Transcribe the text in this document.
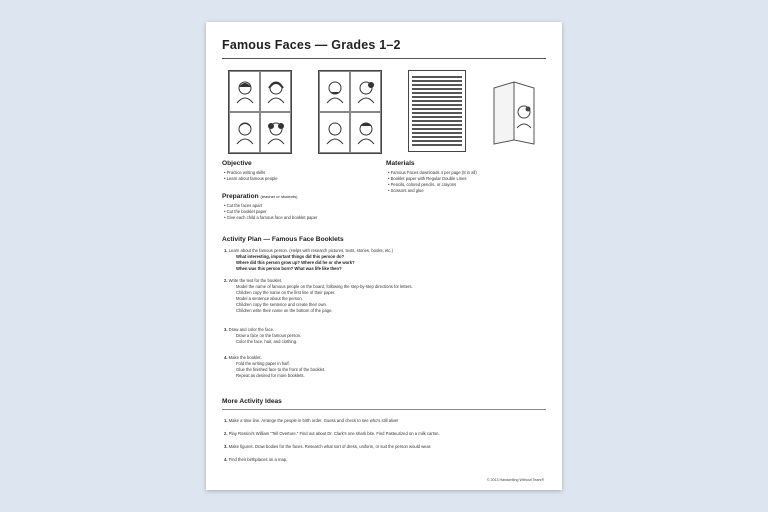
Famous Faces — Grades 1–2
Objective
• Practice writing skills
• Learn about famous people
Materials
• Famous Faces downloads 4 per page (8 in all)
• Booklet paper with Regular Double Lines
• Pencils, colored pencils, or crayons
• Scissors and glue
Preparation (teacher or students)
• Cut the faces apart
• Cut the booklet paper
• Give each child a famous face and booklet paper
Activity Plan — Famous Face Booklets
1. Learn about the famous person. (Helps with research pictures, texts, stories, books, etc.)
What interesting, important things did this person do?
Where did this person grow up? Where did he or she work?
When was this person born? What was life like then?
2. Write the text for the booklet.
Model the name of famous people on the board, following the step-by-step directions for letters.
Children copy the name on the first line of their paper.
Model a sentence about the person.
Children copy the sentence and create their own.
Children write their name on the bottom of the page.
3. Draw and color the face.
Draw a face on the famous person.
Color the face, hair, and clothing.
4. Make the booklet.
Fold the writing paper in half.
Glue the finished face to the front of the booklet.
Repeat as desired for more booklets.
More Activity Ideas
1. Make a time line. Arrange the people in birth order. Guess and check to see who's still alive!
2. Play Rossini's William "Tell Overture." Find out about Dr. Clark's one shark bite. Find Pasteurized on a milk carton.
3. Make figures. Draw bodies for the faces. Research what sort of dress, uniform, or suit the person would wear.
4. Find their birthplaces on a map.
© 2013 Handwriting Without Tears®
